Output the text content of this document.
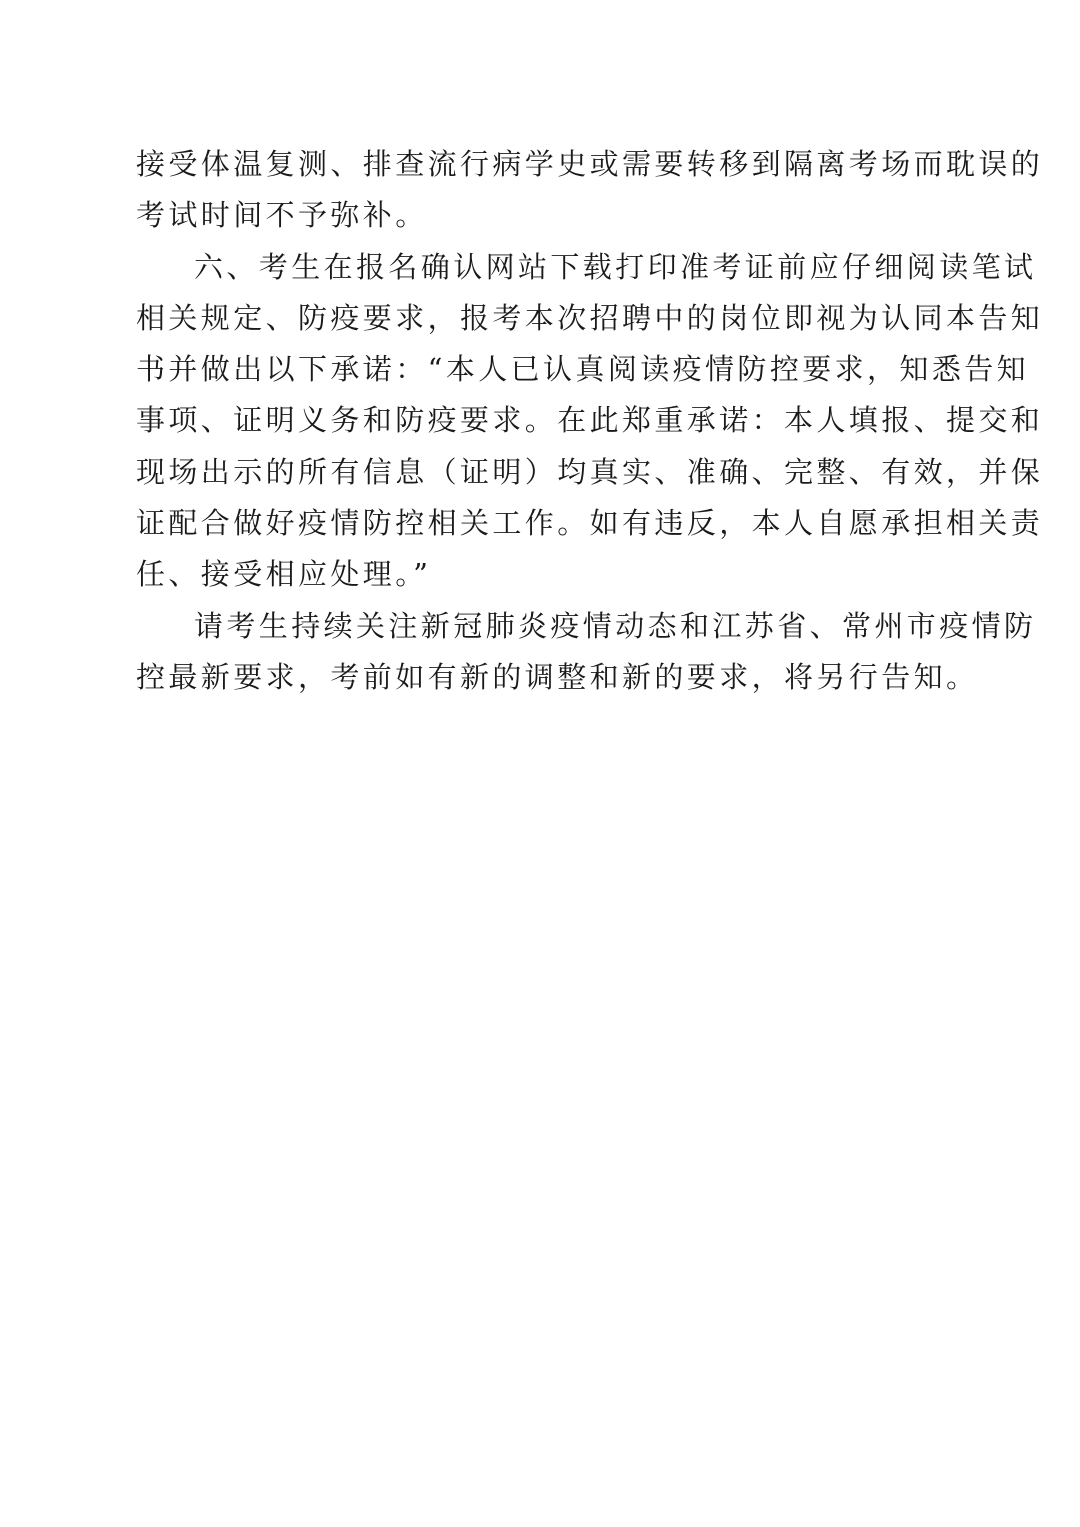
接受体温复测、排查流行病学史或需要转移到隔离考场而耽误的
考试时间不予弥补。
六、考生在报名确认网站下载打印准考证前应仔细阅读笔试
相关规定、防疫要求，报考本次招聘中的岗位即视为认同本告知
书并做出以下承诺：“本人已认真阅读疫情防控要求，知悉告知
事项、证明义务和防疫要求。在此郑重承诺：本人填报、提交和
现场出示的所有信息（证明）均真实、准确、完整、有效，并保
证配合做好疫情防控相关工作。如有违反，本人自愿承担相关责
任、接受相应处理。”
请考生持续关注新冠肺炎疫情动态和江苏省、常州市疫情防
控最新要求，考前如有新的调整和新的要求，将另行告知。
